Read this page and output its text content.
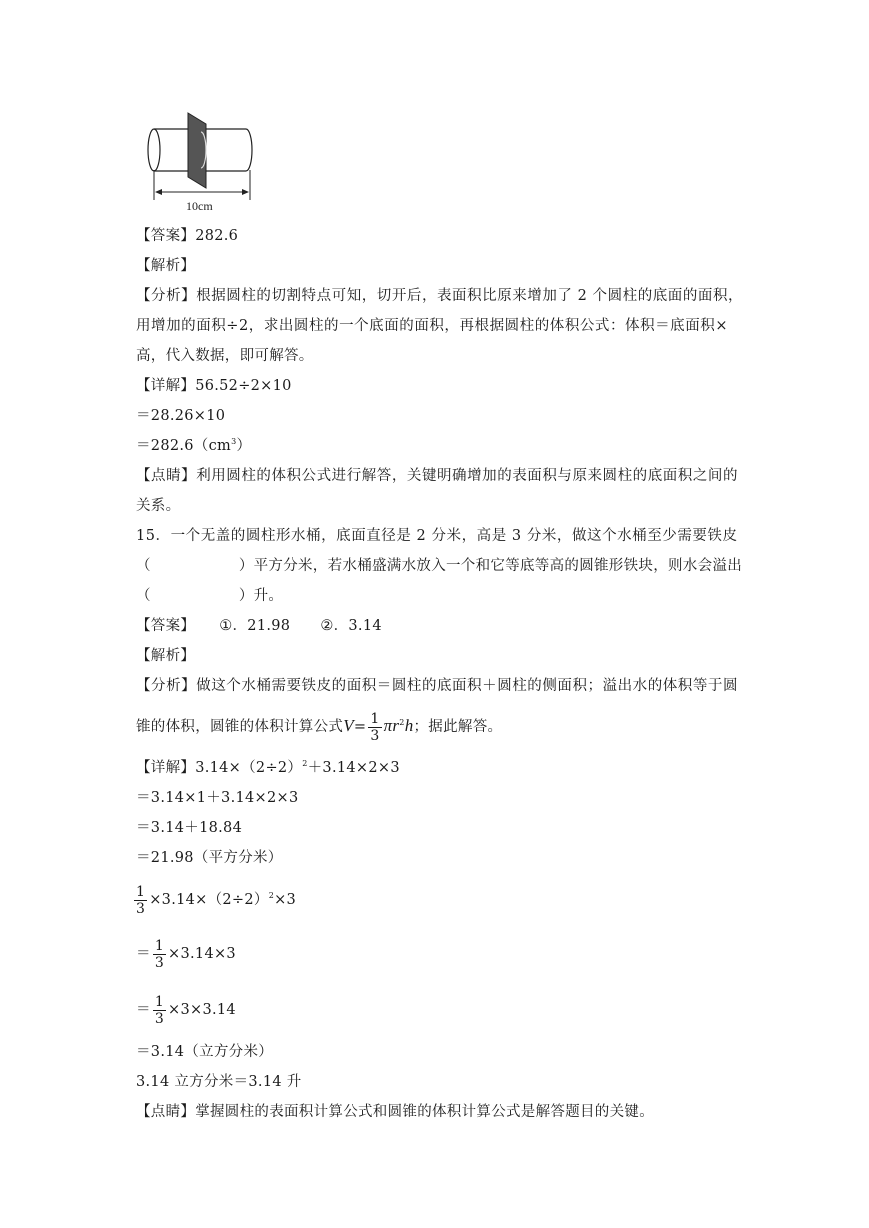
10cm
【答案】282.6
【解析】
【分析】根据圆柱的切割特点可知，切开后，表面积比原来增加了 2 个圆柱的底面的面积，
用增加的面积÷2，求出圆柱的一个底面的面积，再根据圆柱的体积公式：体积＝底面积×
高，代入数据，即可解答。
【详解】56.52÷2×10
＝28.26×10
$=282.6(cm^3)$
【点睛】利用圆柱的体积公式进行解答，关键明确增加的表面积与原来圆柱的底面积之间的
关系。
15．一个无盖的圆柱形水桶，底面直径是 2 分米，高是 3 分米，做这个水桶至少需要铁皮
（	）平方分米，若水桶盛满水放入一个和它等底等高的圆锥形铁块，则水会溢出
（	）升。
【答案】 ①．21.98 ②．3.14
【解析】
【分析】做这个水桶需要铁皮的面积＝圆柱的底面积＋圆柱的侧面积；溢出水的体积等于圆
锥的体积，圆锥的体积计算公式$V= \frac{1}{3} \pi r^2h$；据此解答。
【详解】$3.14\times(2\div 2)^2+3.14\times 2\times 3$
＝3.14×1＋3.14×2×3
＝3.14＋18.84
＝21.98（平方分米）
$\frac{1}{3} \times 3.14\times(2\div 2)^2\times 3$
＝ $\frac{1}{3} \times 3.14\times 3$
＝ $\frac{1}{3} \times 3\times 3.14$
＝3.14（立方分米）
3.14 立方分米＝3.14 升
【点睛】掌握圆柱的表面积计算公式和圆锥的体积计算公式是解答题目的关键。
